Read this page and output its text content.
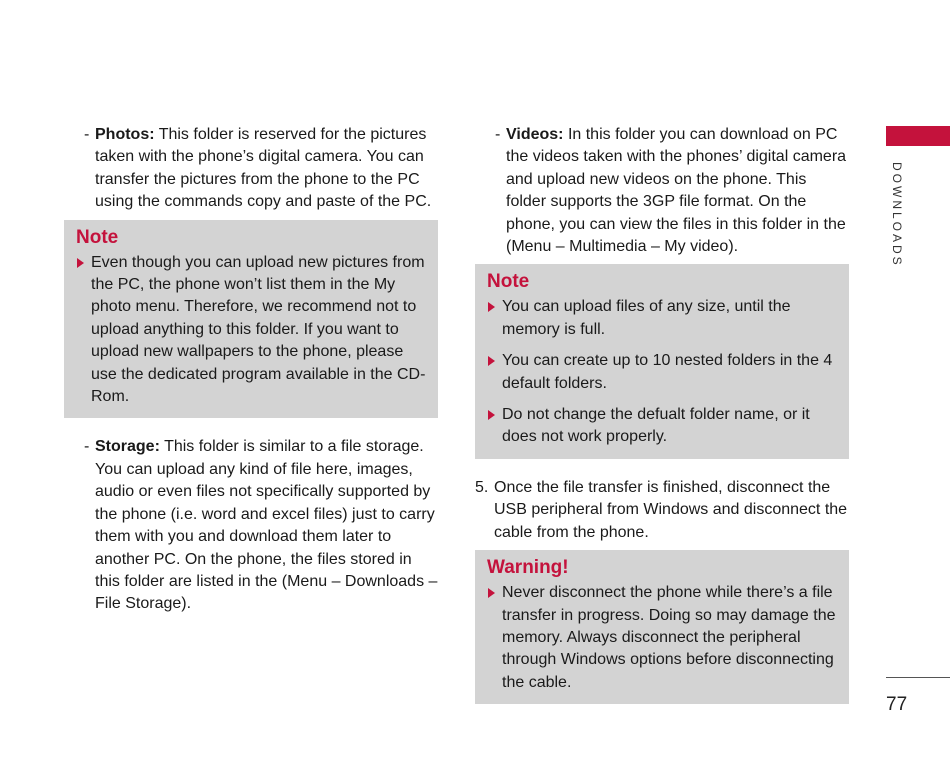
- Photos: This folder is reserved for the pictures taken with the phone’s digital camera. You can transfer the pictures from the phone to the PC using the commands copy and paste of the PC.

Note
Even though you can upload new pictures from the PC, the phone won’t list them in the My photo menu. Therefore, we recommend not to upload anything to this folder. If you want to upload new wallpapers to the phone, please use the dedicated program available in the CD-Rom.

- Storage: This folder is similar to a file storage. You can upload any kind of file here, images, audio or even files not specifically supported by the phone (i.e. word and excel files) just to carry them with you and download them later to another PC. On the phone, the files stored in this folder are listed in the (Menu – Downloads – File Storage).

- Videos: In this folder you can download on PC the videos taken with the phones’ digital camera and upload new videos on the phone. This folder supports the 3GP file format. On the phone, you can view the files in this folder in the (Menu – Multimedia – My video).

Note
You can upload files of any size, until the memory is full.
You can create up to 10 nested folders in the 4 default folders.
Do not change the defualt folder name, or it does not work properly.

5. Once the file transfer is finished, disconnect the USB peripheral from Windows and disconnect the cable from the phone.

Warning!
Never disconnect the phone while there’s a file transfer in progress. Doing so may damage the memory. Always disconnect the peripheral through Windows options before disconnecting the cable.
DOWNLOADS
77
